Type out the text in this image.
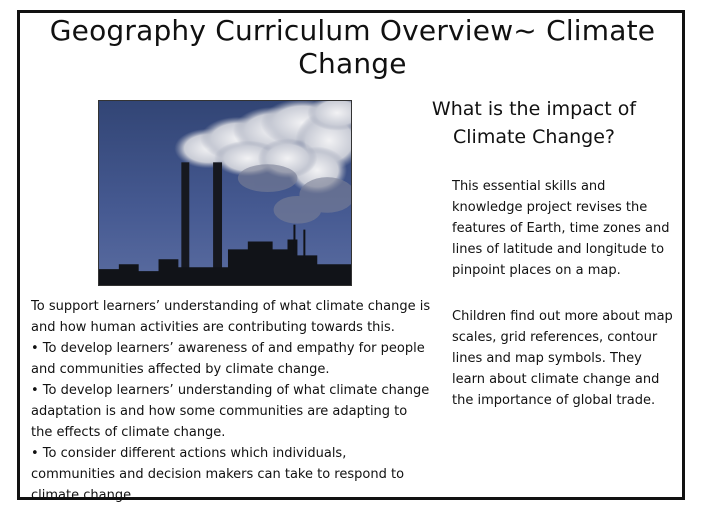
Geography Curriculum Overview~ Climate Change
What is the impact of Climate Change?

This essential skills and knowledge project revises the features of Earth, time zones and lines of latitude and longitude to pinpoint places on a map.

Children find out more about map scales, grid references, contour lines and map symbols. They learn about climate change and the importance of global trade.

To support learners’ understanding of what climate change is and how human activities are contributing towards this.

• To develop learners’ awareness of and empathy for people and communities affected by climate change.

• To develop learners’ understanding of what climate change adaptation is and how some communities are adapting to the effects of climate change.

• To consider different actions which individuals, communities and decision makers can take to respond to climate change.
